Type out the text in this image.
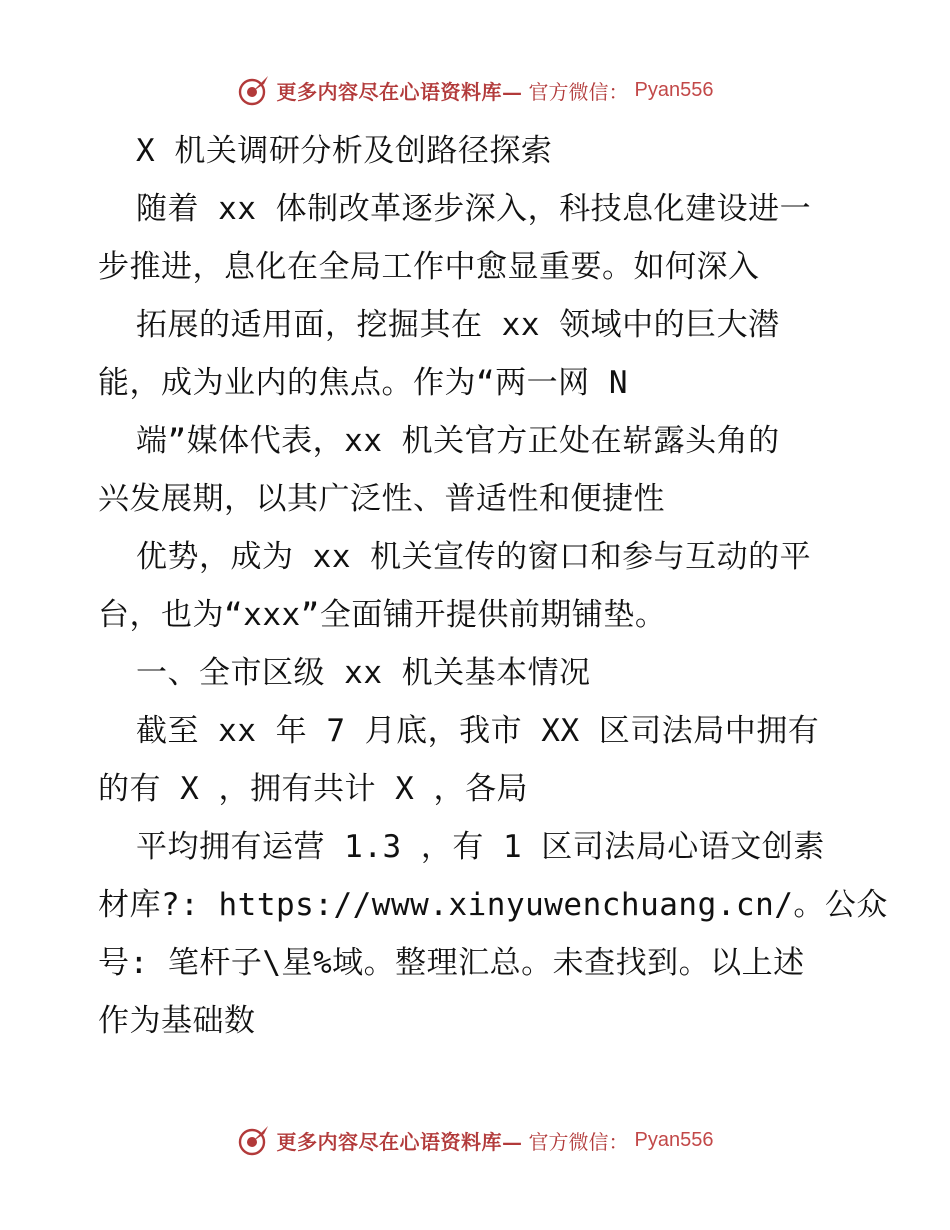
更多内容尽在心语资料库— 官方微信： Pyan556
X 机关调研分析及创路径探索
随着 xx 体制改革逐步深入，科技息化建设进一
步推进，息化在全局工作中愈显重要。如何深入
拓展的适用面，挖掘其在 xx 领域中的巨大潜
能，成为业内的焦点。作为“两一网 N
端”媒体代表，xx 机关官方正处在崭露头角的
兴发展期，以其广泛性、普适性和便捷性
优势，成为 xx 机关宣传的窗口和参与互动的平
台，也为“xxx”全面铺开提供前期铺垫。
一、全市区级 xx 机关基本情况
截至 xx 年 7 月底，我市 XX 区司法局中拥有
的有 X ，拥有共计 X ，各局
平均拥有运营 1.3 ，有 1 区司法局心语文创素
材库?: https://www.xinyuwenchuang.cn/。公众
号: 笔杆子\星%域。整理汇总。未查找到。以上述
作为基础数
更多内容尽在心语资料库— 官方微信： Pyan556
